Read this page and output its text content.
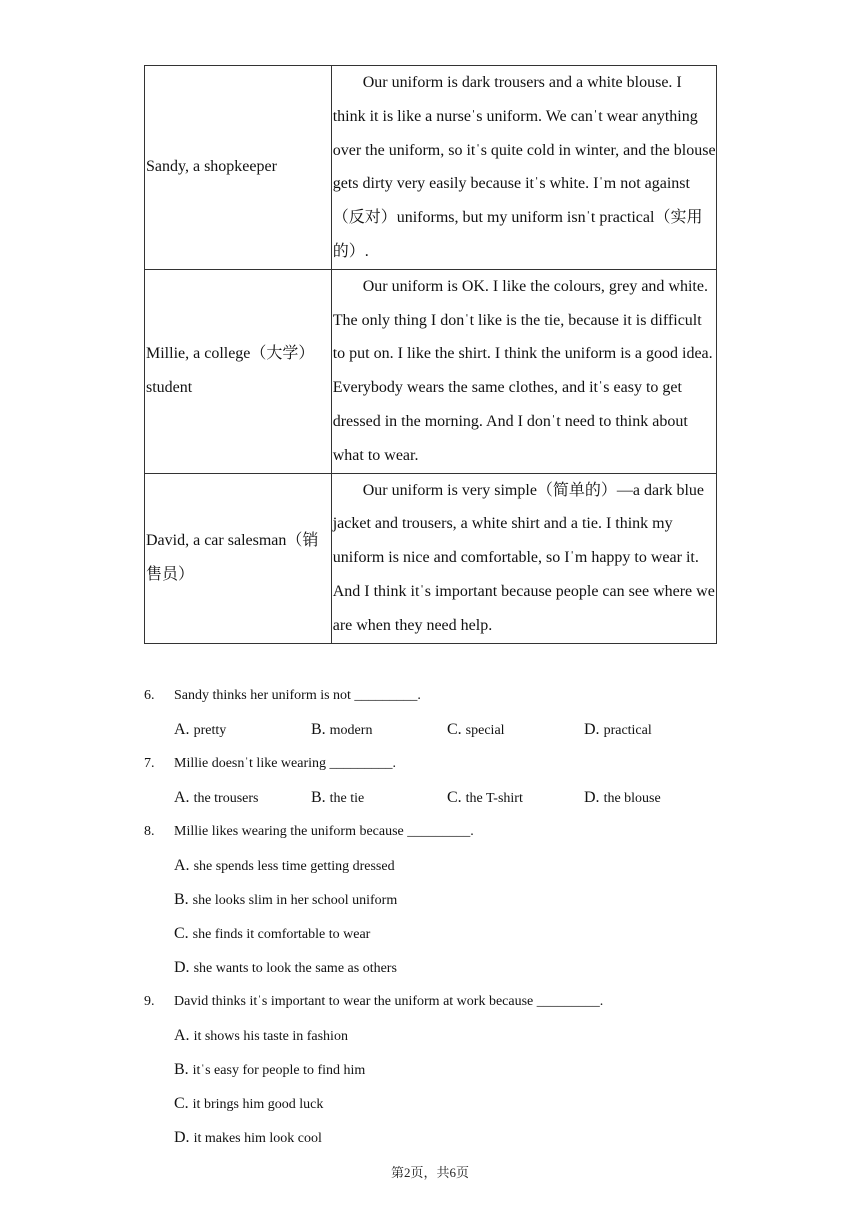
Sandy, a shopkeeper	Our uniform is dark trousers and a white blouse. I think it is like a nurseˈs uniform. We canˈt wear anything over the uniform, so itˈs quite cold in winter, and the blouse gets dirty very easily because itˈs white. Iˈm not against（反对）uniforms, but my uniform isnˈt practical（实用的）.

Millie, a college（大学）student	Our uniform is OK. I like the colours, grey and white. The only thing I donˈt like is the tie, because it is difficult to put on. I like the shirt. I think the uniform is a good idea. Everybody wears the same clothes, and itˈs easy to get dressed in the morning. And I donˈt need to think about what to wear.

David, a car salesman（销售员）	Our uniform is very simple（简单的）—a dark blue jacket and trousers, a white shirt and a tie. I think my uniform is nice and comfortable, so Iˈm happy to wear it. And I think itˈs important because people can see where we are when they need help.

6. Sandy thinks her uniform is not _________.
A. pretty	B. modern	C. special	D. practical
7. Millie doesnˈt like wearing _________.
A. the trousers	B. the tie	C. the T-shirt	D. the blouse
8. Millie likes wearing the uniform because _________.
A. she spends less time getting dressed
B. she looks slim in her school uniform
C. she finds it comfortable to wear
D. she wants to look the same as others
9. David thinks itˈs important to wear the uniform at work because _________.
A. it shows his taste in fashion
B. itˈs easy for people to find him
C. it brings him good luck
D. it makes him look cool
第2页，共6页
